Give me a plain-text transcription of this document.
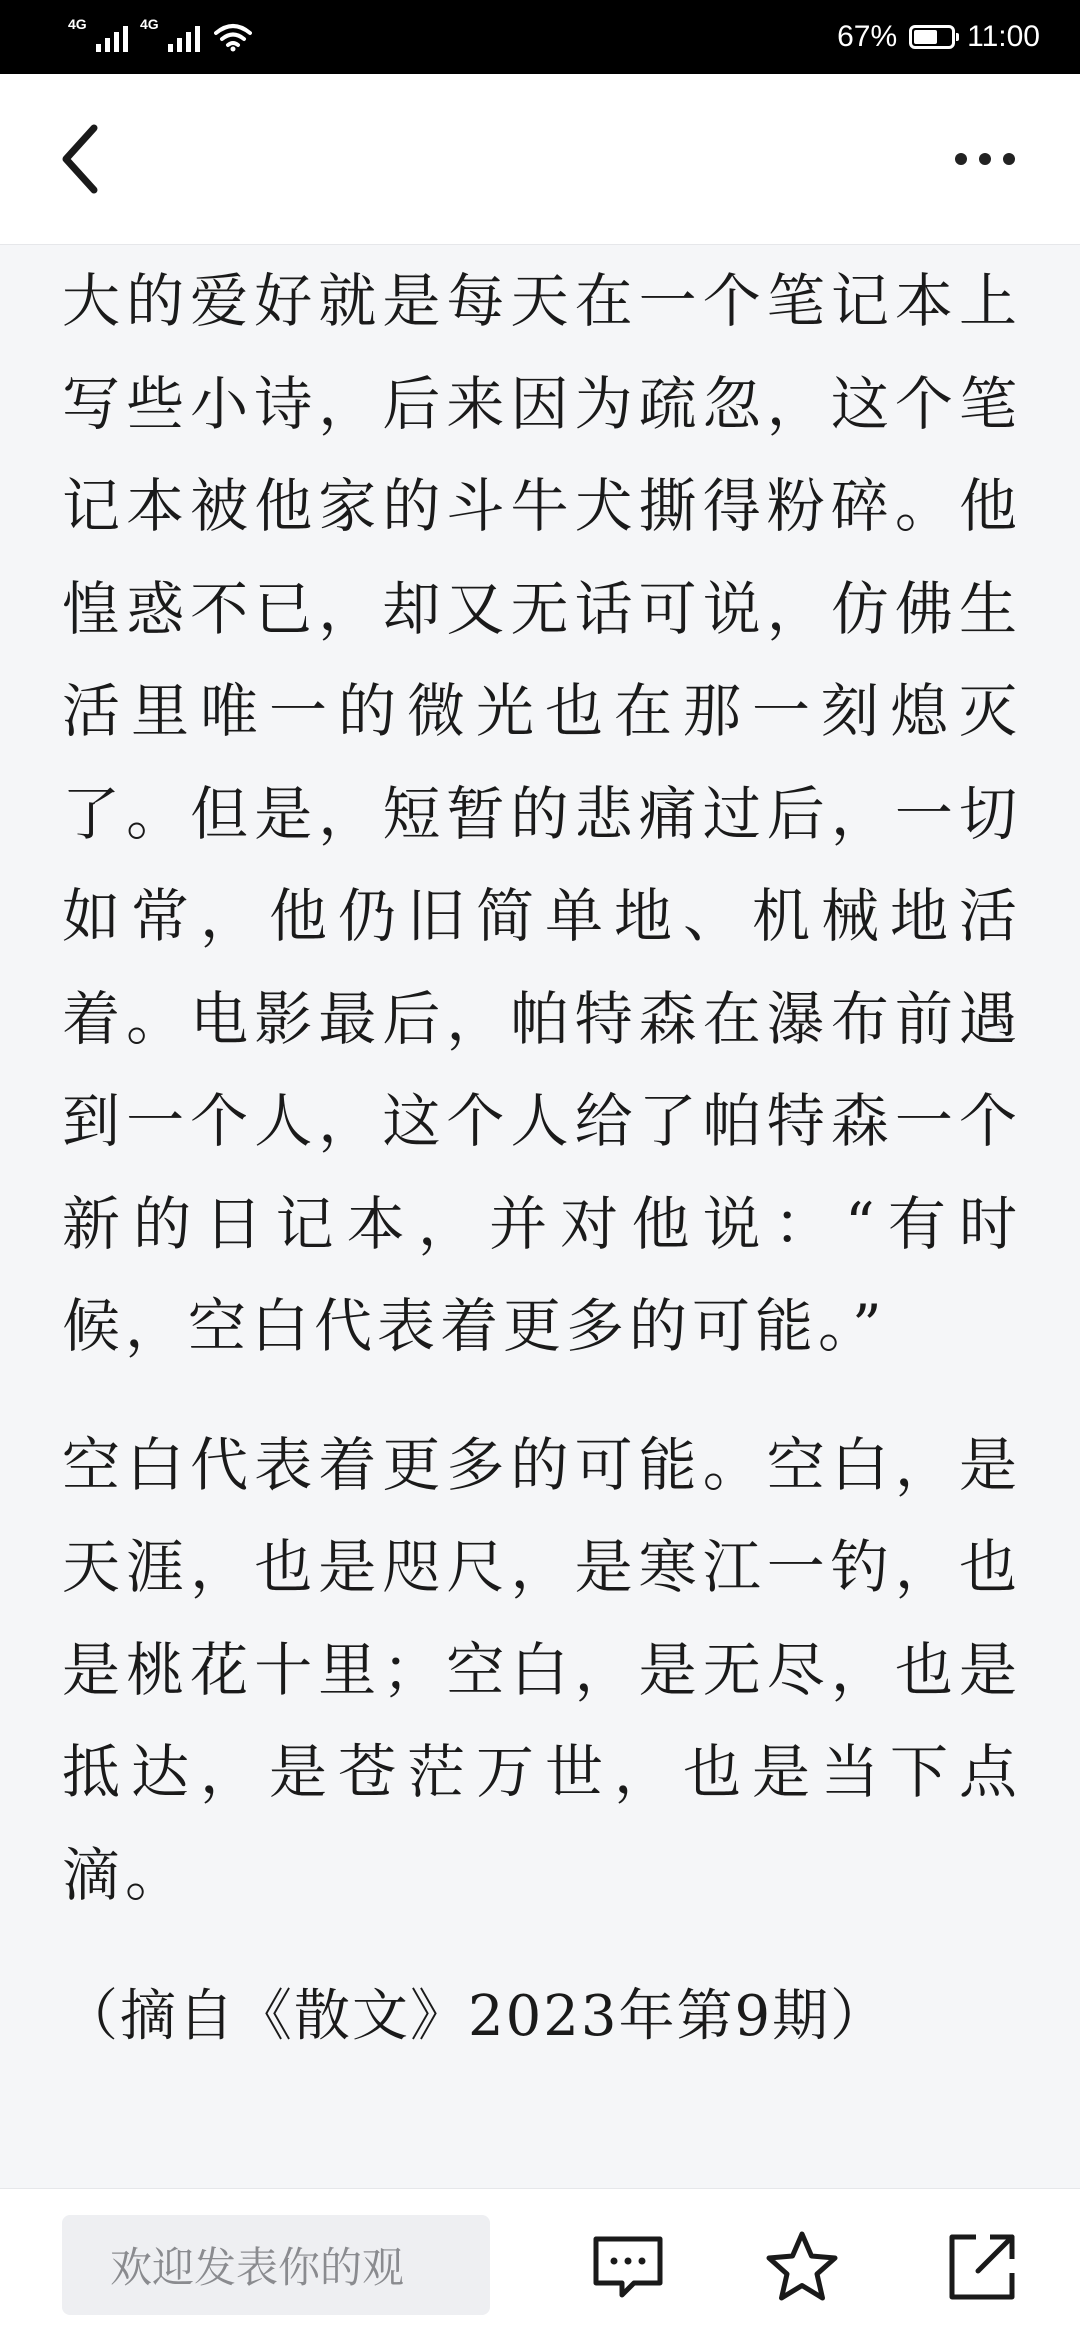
4G	4G	67% 11:00

大的爱好就是每天在一个笔记本上写些小诗，后来因为疏忽，这个笔记本被他家的斗牛犬撕得粉碎。他惶惑不已，却又无话可说，仿佛生活里唯一的微光也在那一刻熄灭了。但是，短暂的悲痛过后，一切如常，他仍旧简单地、机械地活着。电影最后，帕特森在瀑布前遇到一个人，这个人给了帕特森一个新的日记本，并对他说：“有时候，空白代表着更多的可能。”

空白代表着更多的可能。空白，是天涯，也是咫尺，是寒江一钓，也是桃花十里；空白，是无尽，也是抵达，是苍茫万世，也是当下点滴。

（摘自《散文》2023年第9期）
欢迎发表你的观
